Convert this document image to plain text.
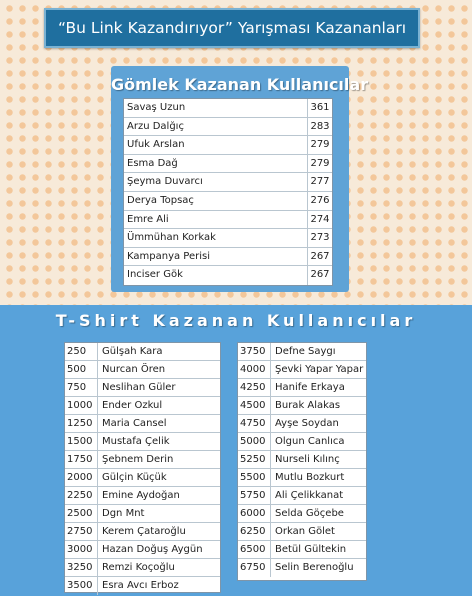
“Bu Link Kazandırıyor” Yarışması Kazananları
Gömlek Kazanan Kullanıcılar
Savaş Uzun	361
Arzu Dalğıç	283
Ufuk Arslan	279
Esma Dağ	279
Şeyma Duvarcı	277
Derya Topsaç	276
Emre Ali	274
Ümmühan Korkak	273
Kampanya Perisi	267
Inciser Gök	267
T-Shirt Kazanan Kullanıcılar
250	Gülşah Kara
500	Nurcan Ören
750	Neslihan Güler
1000 Ender Ozkul
1250 Maria Cansel
1500 Mustafa Çelik
1750 Şebnem Derin
2000 Gülçin Küçük
2250 Emine Aydoğan
2500 Dgn Mnt
2750 Kerem Çataroğlu
3000 Hazan Doğuş Aygün
3250 Remzi Koçoğlu
3500 Esra Avcı Erboz
3750 Defne Saygı
4000 Şevki Yapar Yapar
4250 Hanife Erkaya
4500 Burak Alakas
4750 Ayşe Soydan
5000 Olgun Canlıca
5250 Nurseli Kılınç
5500 Mutlu Bozkurt
5750 Ali Çelikkanat
6000 Selda Göçebe
6250 Orkan Gölet
6500 Betül Gültekin
6750 Selin Berenoğlu
